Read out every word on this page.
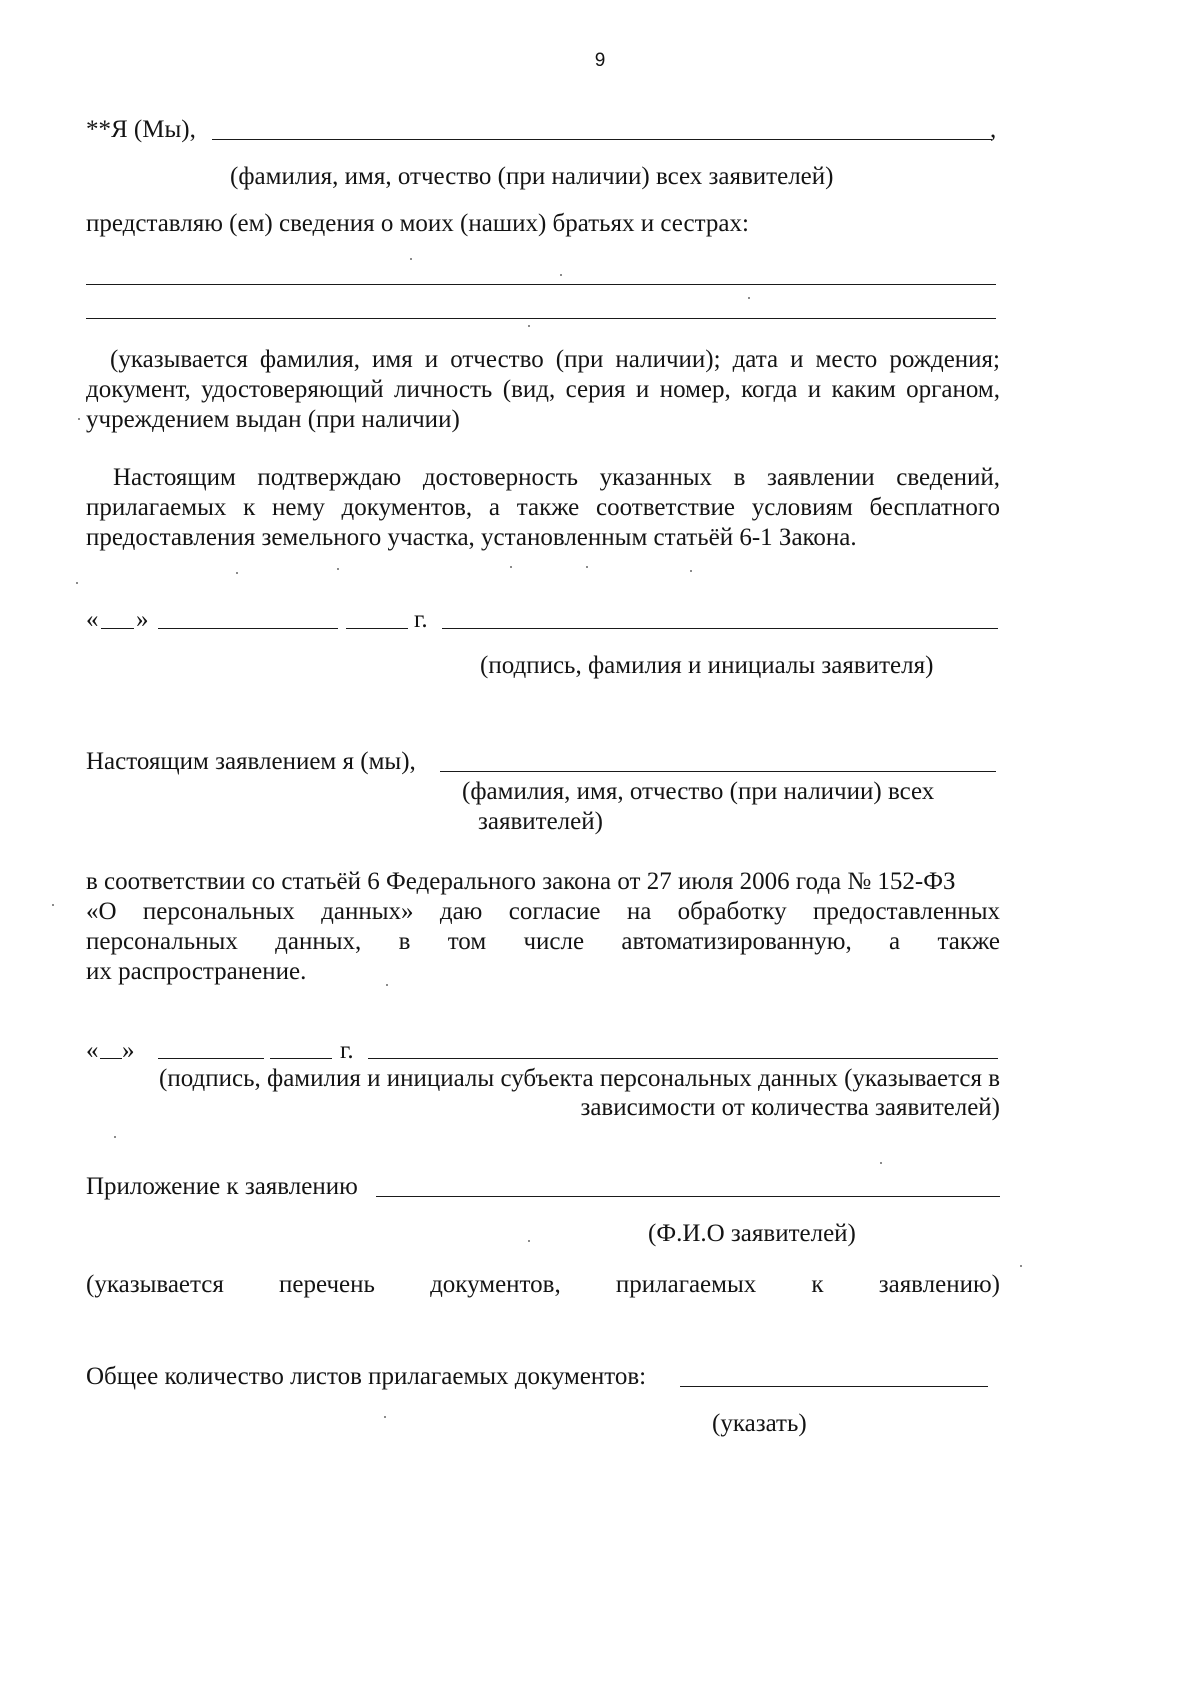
9
**Я (Мы),	,
(фамилия, имя, отчество (при наличии) всех заявителей)
представляю (ем) сведения о моих (наших) братьях и сестрах:
(указывается фамилия, имя и отчество (при наличии); дата и место рождения;
документ, удостоверяющий личность (вид, серия и номер, когда и каким органом,
учреждением выдан (при наличии)
Настоящим подтверждаю достоверность указанных в заявлении сведений,
прилагаемых к нему документов, а также соответствие условиям бесплатного
предоставления земельного участка, установленным статьёй 6-1 Закона.
« »	г.
(подпись, фамилия и инициалы заявителя)
Настоящим заявлением я (мы),
(фамилия, имя, отчество (при наличии) всех
заявителей)
в соответствии со статьёй 6 Федерального закона от 27 июля 2006 года № 152-ФЗ
«О персональных данных» даю согласие на обработку предоставленных
персональных данных, в том числе автоматизированную, а также
их распространение.
« »	г.
(подпись, фамилия и инициалы субъекта персональных данных (указывается в
зависимости от количества заявителей)
Приложение к заявлению
(Ф.И.О заявителей)
(указывается перечень документов, прилагаемых к заявлению)
Общее количество листов прилагаемых документов:
(указать)
